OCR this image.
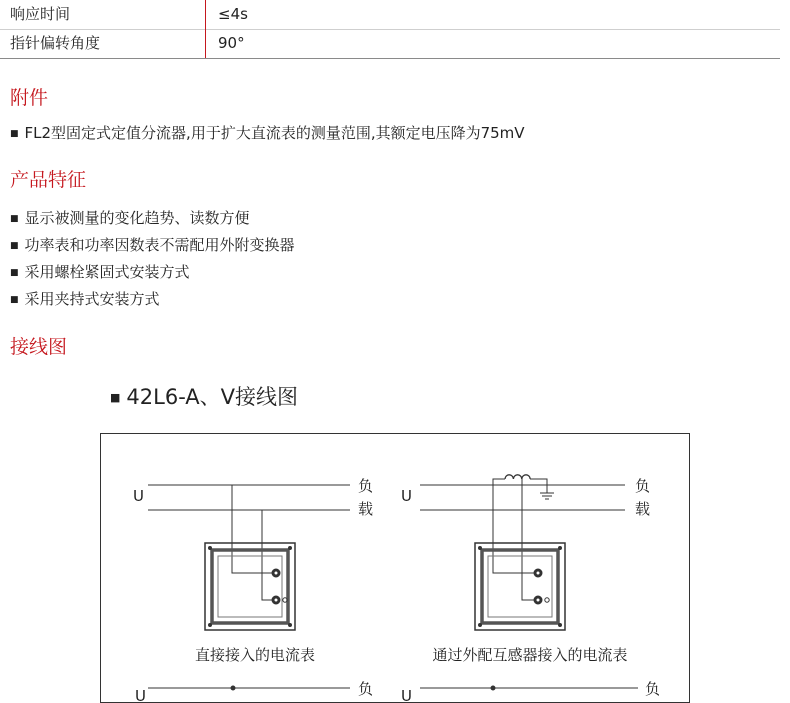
响应时间	≤4s
指针偏转角度	90°
附件
■ FL2型固定式定值分流器,用于扩大直流表的测量范围,其额定电压降为75mV
产品特征
■ 显示被测量的变化趋势、读数方便
■ 功率表和功率因数表不需配用外附变换器
■ 采用螺栓紧固式安装方式
■ 采用夹持式安装方式
接线图
■ 42L6-A、V接线图
U
负
载
直接接入的电流表
U
负
载
通过外配互感器接入的电流表
U	负 U	负
